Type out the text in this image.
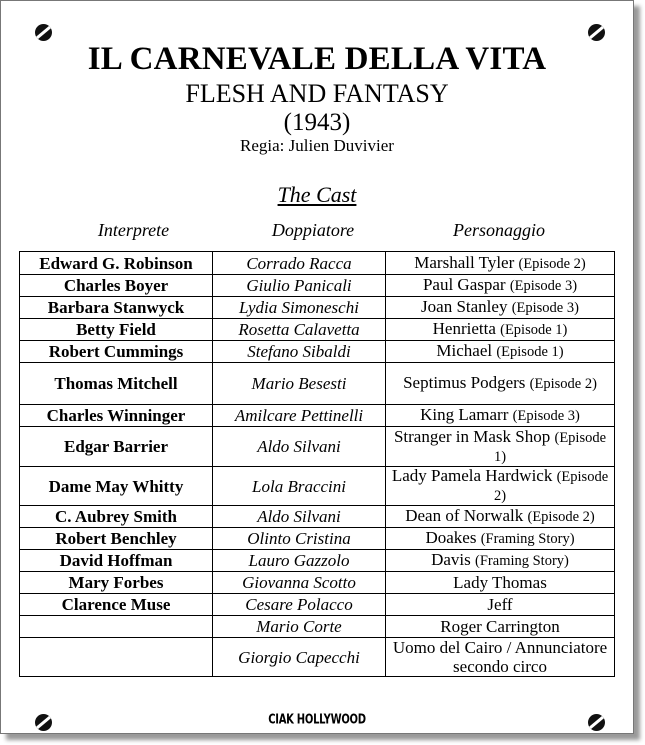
IL CARNEVALE DELLA VITA
FLESH AND FANTASY
(1943)
Regia: Julien Duvivier
The Cast
Interprete	Doppiatore	Personaggio
Edward G. Robinson	Corrado Racca	Marshall Tyler (Episode 2)
Charles Boyer	Giulio Panicali	Paul Gaspar (Episode 3)
Barbara Stanwyck	Lydia Simoneschi	Joan Stanley (Episode 3)
Betty Field	Rosetta Calavetta	Henrietta (Episode 1)
Robert Cummings	Stefano Sibaldi	Michael (Episode 1)
Thomas Mitchell	Mario Besesti	Septimus Podgers (Episode 2)
Charles Winninger	Amilcare Pettinelli	King Lamarr (Episode 3)
Edgar Barrier	Aldo Silvani	Stranger in Mask Shop (Episode 1)
Dame May Whitty	Lola Braccini	Lady Pamela Hardwick (Episode 2)
C. Aubrey Smith	Aldo Silvani	Dean of Norwalk (Episode 2)
Robert Benchley	Olinto Cristina	Doakes (Framing Story)
David Hoffman	Lauro Gazzolo	Davis (Framing Story)
Mary Forbes	Giovanna Scotto	Lady Thomas
Clarence Muse	Cesare Polacco	Jeff
	Mario Corte	Roger Carrington
	Giorgio Capecchi	Uomo del Cairo / Annunciatore secondo circo
CIAK HOLLYWOOD
